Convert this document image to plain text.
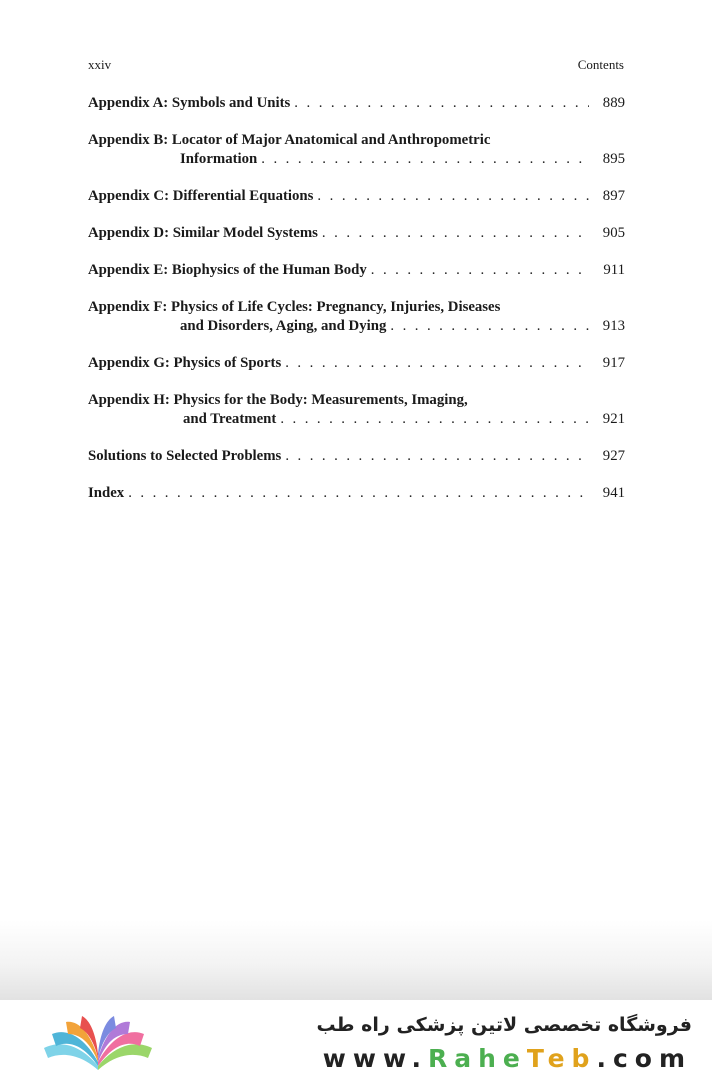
xxiv	Contents
Appendix A: Symbols and Units . . .	889
Appendix B: Locator of Major Anatomical and Anthropometric
Information . . .	895
Appendix C: Differential Equations . . .	897
Appendix D: Similar Model Systems . . .	905
Appendix E: Biophysics of the Human Body . . .	911
Appendix F: Physics of Life Cycles: Pregnancy, Injuries, Diseases
and Disorders, Aging, and Dying . . .	913
Appendix G: Physics of Sports . . .	917
Appendix H: Physics for the Body: Measurements, Imaging,
and Treatment . . .	921
Solutions to Selected Problems . . .	927
Index . . .	941
فروشگاه تخصصی لاتین پزشکی راه طب
www.RaheTeb.com
